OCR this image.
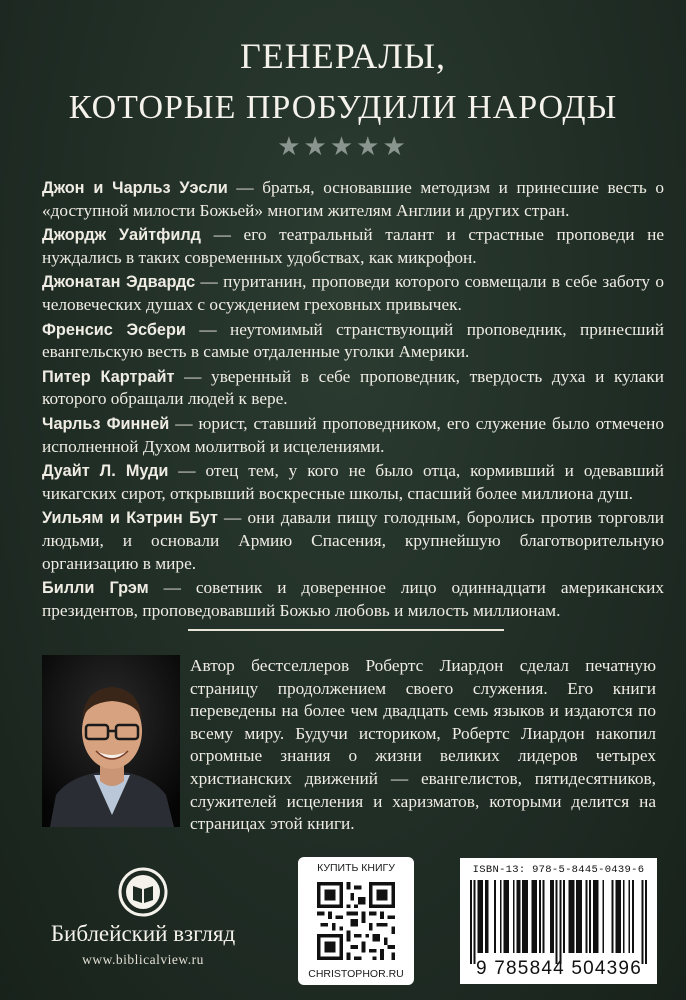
ГЕНЕРАЛЫ,
КОТОРЫЕ ПРОБУДИЛИ НАРОДЫ
★★★★★

Джон и Чарльз Уэсли — братья, основавшие методизм и принесшие весть о «доступной милости Божьей» многим жителям Англии и других стран.

Джордж Уайтфилд — его театральный талант и страстные проповеди не нуждались в таких современных удобствах, как микрофон.

Джонатан Эдвардс — пуританин, проповеди которого совмещали в себе заботу о человеческих душах с осуждением греховных привычек.

Френсис Эсбери — неутомимый странствующий проповедник, принесший евангельскую весть в самые отдаленные уголки Америки.

Питер Картрайт — уверенный в себе проповедник, твердость духа и кулаки которого обращали людей к вере.

Чарльз Финней — юрист, ставший проповедником, его служение было отмечено исполненной Духом молитвой и исцелениями.

Дуайт Л. Муди — отец тем, у кого не было отца, кормивший и одевавший чикагских сирот, открывший воскресные школы, спасший более миллиона душ.

Уильям и Кэтрин Бут — они давали пищу голодным, боролись против торговли людьми, и основали Армию Спасения, крупнейшую благотворительную организацию в мире.

Билли Грэм — советник и доверенное лицо одиннадцати американских президентов, проповедовавший Божью любовь и милость миллионам.

Автор бестселлеров Робертс Лиардон сделал печатную страницу продолжением своего служения. Его книги переведены на более чем двадцать семь языков и издаются по всему миру. Будучи историком, Робертс Лиардон накопил огромные знания о жизни великих лидеров четырех христианских движений — евангелистов, пятидесятников, служителей исцеления и харизматов, которыми делится на страницах этой книги.
Библейский взгляд
www.biblicalview.ru
КУПИТЬ КНИГУ
CHRISTOPHOR.RU
ISBN-13: 978-5-8445-0439-6
9 785844 504396
